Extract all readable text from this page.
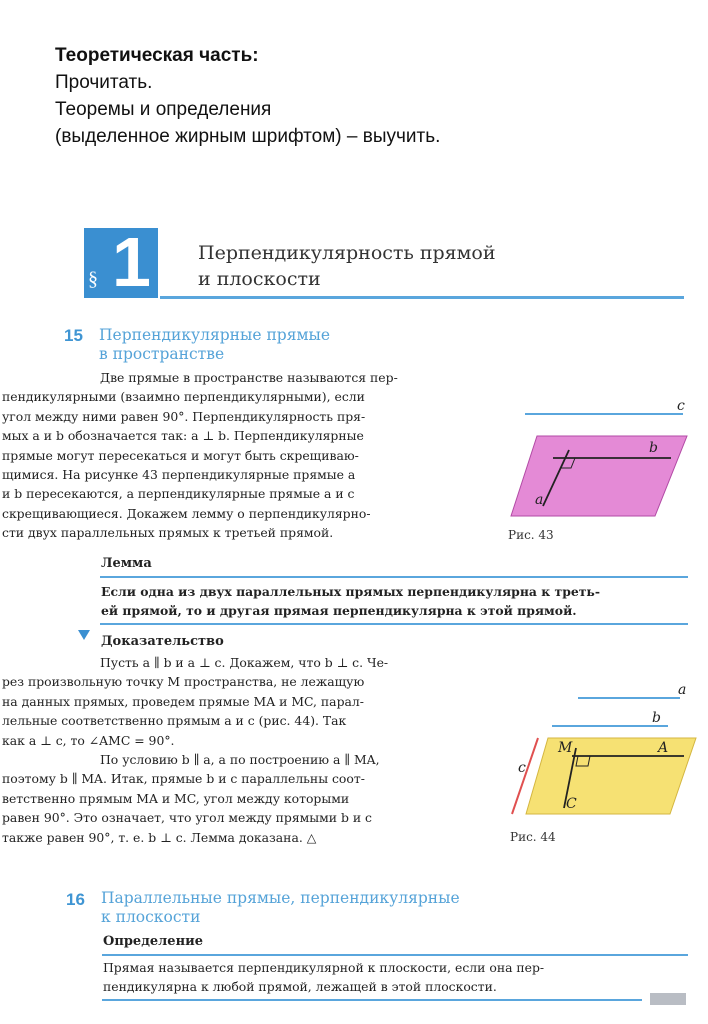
Теоретическая часть:
Прочитать.
Теоремы и определения
(выделенное жирным шрифтом) – выучить.
§ 1 Перпендикулярность прямой
и плоскости
15 Перпендикулярные прямые
в пространстве
Две прямые в пространстве называются пер-
пендикулярными (взаимно перпендикулярными), если
угол между ними равен 90°. Перпендикулярность пря-
мых a и b обозначается так: a ⊥ b. Перпендикулярные
прямые могут пересекаться и могут быть скрещиваю-
щимися. На рисунке 43 перпендикулярные прямые a
и b пересекаются, а перпендикулярные прямые a и c
скрещивающиеся. Докажем лемму о перпендикулярно-
сти двух параллельных прямых к третьей прямой.
c
b
a
Рис. 43
Лемма
Если одна из двух параллельных прямых перпендикулярна к треть-
ей прямой, то и другая прямая перпендикулярна к этой прямой.
Доказательство
Пусть a ∥ b и a ⊥ c. Докажем, что b ⊥ c. Че-
рез произвольную точку M пространства, не лежащую
на данных прямых, проведем прямые MA и MC, парал-
лельные соответственно прямым a и c (рис. 44). Так
как a ⊥ c, то ∠AMC = 90°.
По условию b ∥ a, а по построению a ∥ MA,
поэтому b ∥ MA. Итак, прямые b и c параллельны соот-
ветственно прямым MA и MC, угол между которыми
равен 90°. Это означает, что угол между прямыми b и c
также равен 90°, т. е. b ⊥ c. Лемма доказана. △
a
b
c
M	A
C
Рис. 44
16 Параллельные прямые, перпендикулярные
к плоскости
Определение
Прямая называется перпендикулярной к плоскости, если она пер-
пендикулярна к любой прямой, лежащей в этой плоскости.
